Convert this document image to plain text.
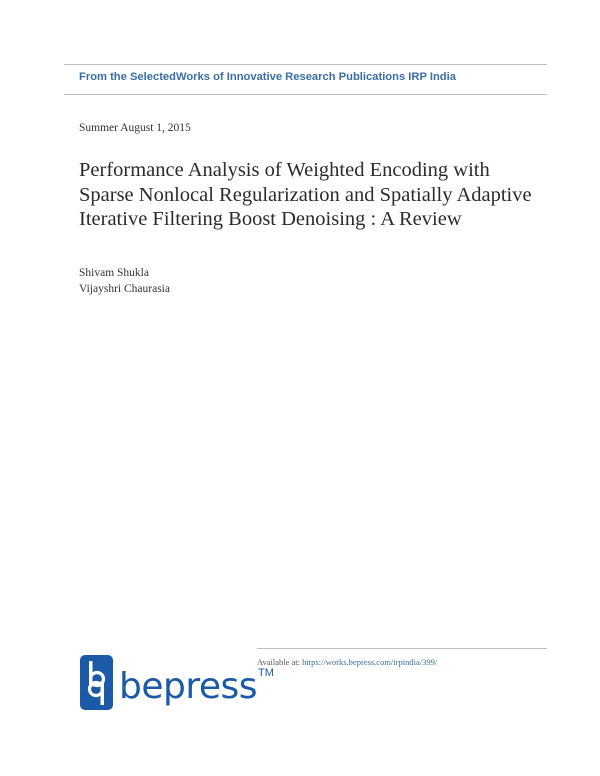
From the SelectedWorks of Innovative Research Publications IRP India
Summer August 1, 2015
Performance Analysis of Weighted Encoding with Sparse Nonlocal Regularization and Spatially Adaptive Iterative Filtering Boost Denoising : A Review
Shivam Shukla
Vijayshri Chaurasia
Available at: https://works.bepress.com/irpindia/399/
bepress TM
